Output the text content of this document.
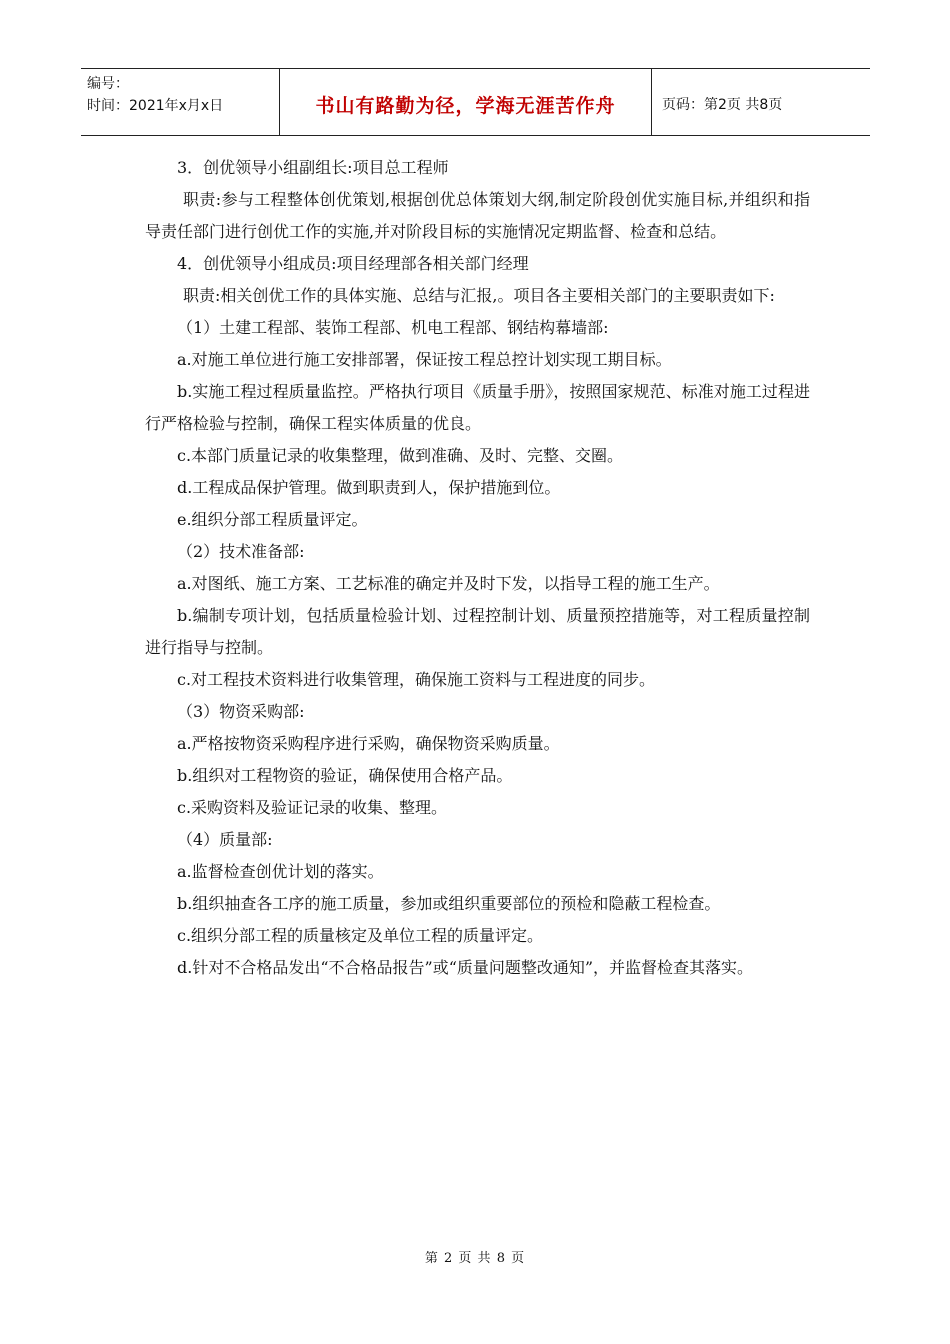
编号：
时间：2021年x月x日	书山有路勤为径，学海无涯苦作舟	页码：第2页 共8页

3．创优领导小组副组长:项目总工程师

职责:参与工程整体创优策划,根据创优总体策划大纲,制定阶段创优实施目标,并组织和指导责任部门进行创优工作的实施,并对阶段目标的实施情况定期监督、检查和总结。

4．创优领导小组成员:项目经理部各相关部门经理

职责:相关创优工作的具体实施、总结与汇报,。项目各主要相关部门的主要职责如下:

（1）土建工程部、装饰工程部、机电工程部、钢结构幕墙部:

a.对施工单位进行施工安排部署，保证按工程总控计划实现工期目标。

b.实施工程过程质量监控。严格执行项目《质量手册》，按照国家规范、标准对施工过程进行严格检验与控制，确保工程实体质量的优良。

c.本部门质量记录的收集整理，做到准确、及时、完整、交圈。

d.工程成品保护管理。做到职责到人，保护措施到位。

e.组织分部工程质量评定。

（2）技术准备部:

a.对图纸、施工方案、工艺标准的确定并及时下发，以指导工程的施工生产。

b.编制专项计划，包括质量检验计划、过程控制计划、质量预控措施等，对工程质量控制进行指导与控制。

c.对工程技术资料进行收集管理，确保施工资料与工程进度的同步。

（3）物资采购部:

a.严格按物资采购程序进行采购，确保物资采购质量。

b.组织对工程物资的验证，确保使用合格产品。

c.采购资料及验证记录的收集、整理。

（4）质量部:

a.监督检查创优计划的落实。

b.组织抽查各工序的施工质量，参加或组织重要部位的预检和隐蔽工程检查。

c.组织分部工程的质量核定及单位工程的质量评定。

d.针对不合格品发出“不合格品报告”或“质量问题整改通知”，并监督检查其落实。

第 2 页 共 8 页
